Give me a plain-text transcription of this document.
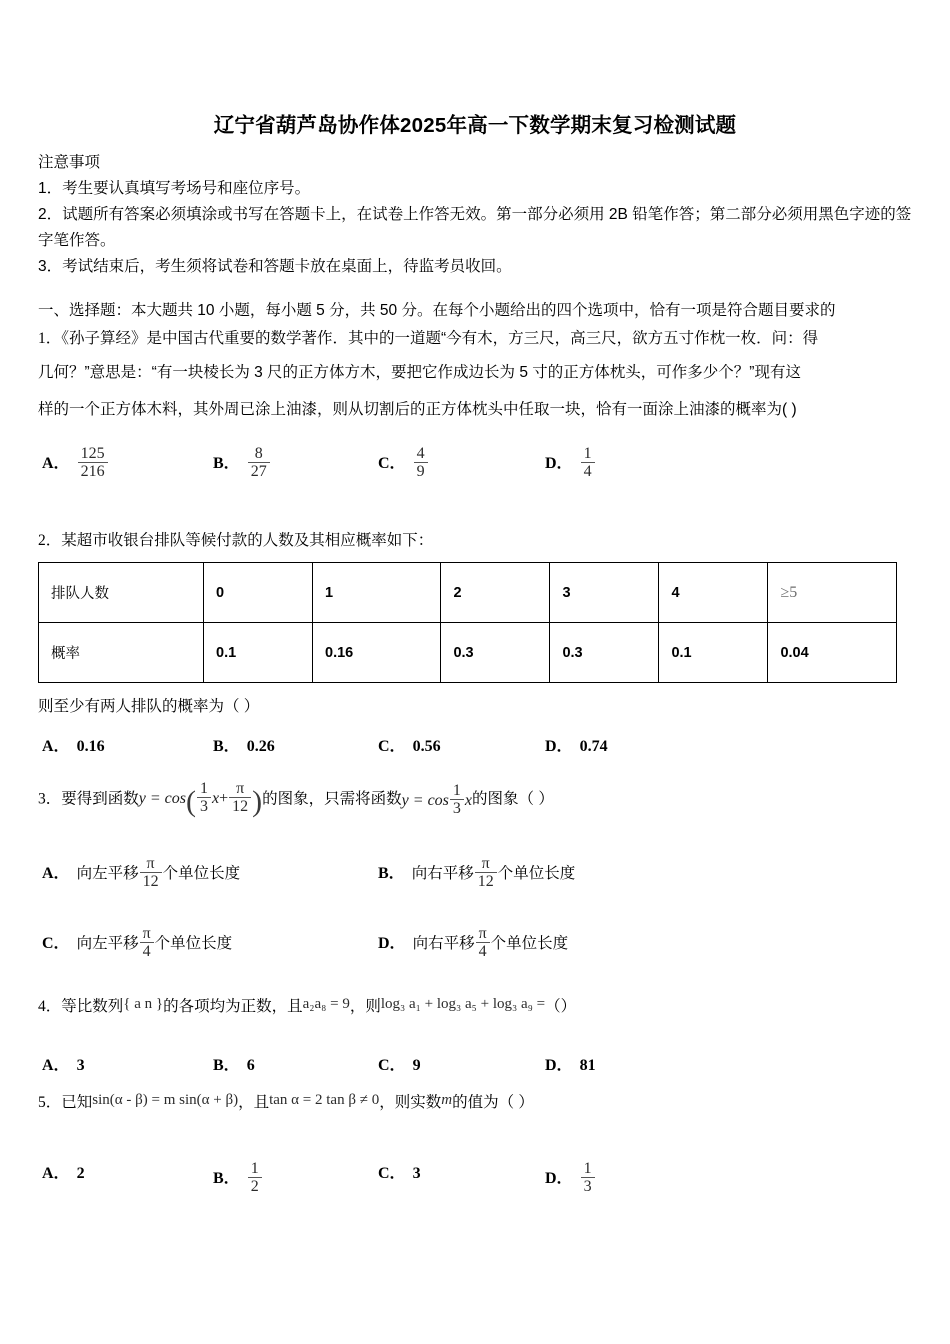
辽宁省葫芦岛协作体2025年高一下数学期末复习检测试题
注意事项
1．考生要认真填写考场号和座位序号。
2．试题所有答案必须填涂或书写在答题卡上，在试卷上作答无效。第一部分必须用 2B 铅笔作答；第二部分必须用黑色字迹的签字笔作答。
3．考试结束后，考生须将试卷和答题卡放在桌面上，待监考员收回。
一、选择题：本大题共 10 小题，每小题 5 分，共 50 分。在每个小题给出的四个选项中，恰有一项是符合题目要求的
1．《孙子算经》是中国古代重要的数学著作．其中的一道题“今有木，方三尺，高三尺，欲方五寸作枕一枚．问：得
几何？”意思是：“有一块棱长为 3 尺的正方体方木，要把它作成边长为 5 寸的正方体枕头，可作多少个？”现有这
样的一个正方体木料，其外周已涂上油漆，则从切割后的正方体枕头中任取一块，恰有一面涂上油漆的概率为( )
A． $\frac{125}{216}$	B． $\frac{8}{27}$	C． $\frac{4}{9}$	D． $\frac{1}{4}$
2．某超市收银台排队等候付款的人数及其相应概率如下：
排队人数	0	1	2	3	4	≥5
概率	0.1	0.16	0.3	0.3	0.1	0.04
则至少有两人排队的概率为（ ）
A． 0.16	B． 0.26	C． 0.56	D． 0.74
3．要得到函数$y = \cos( \frac{1}{3} x+ \frac{\pi}{12}$ )的图象，只需将函数$y = \cos \frac{1}{3}$ x的图象（ ）
A． 向左平移 $\frac{\pi}{12}$ 个单位长度	B． 向右平移 $\frac{\pi}{12}$ 个单位长度
C． 向左平移 $\frac{\pi}{4}$ 个单位长度	D． 向右平移 $\frac{\pi}{4}$ 个单位长度
4．等比数列{ a n }的各项均为正数，且a₂a₈ = 9，则log₃ a₁ + log₃ a₅ + log₃ a₉ =（）
A． 3	B． 6	C． 9	D． 81
5．已知sin(α - β) = m sin(α + β)，且tan α = 2 tan β ≠ 0，则实数m的值为（ ）
A． 2	B． $\frac{1}{2}$	C． 3	D． $\frac{1}{3}$
